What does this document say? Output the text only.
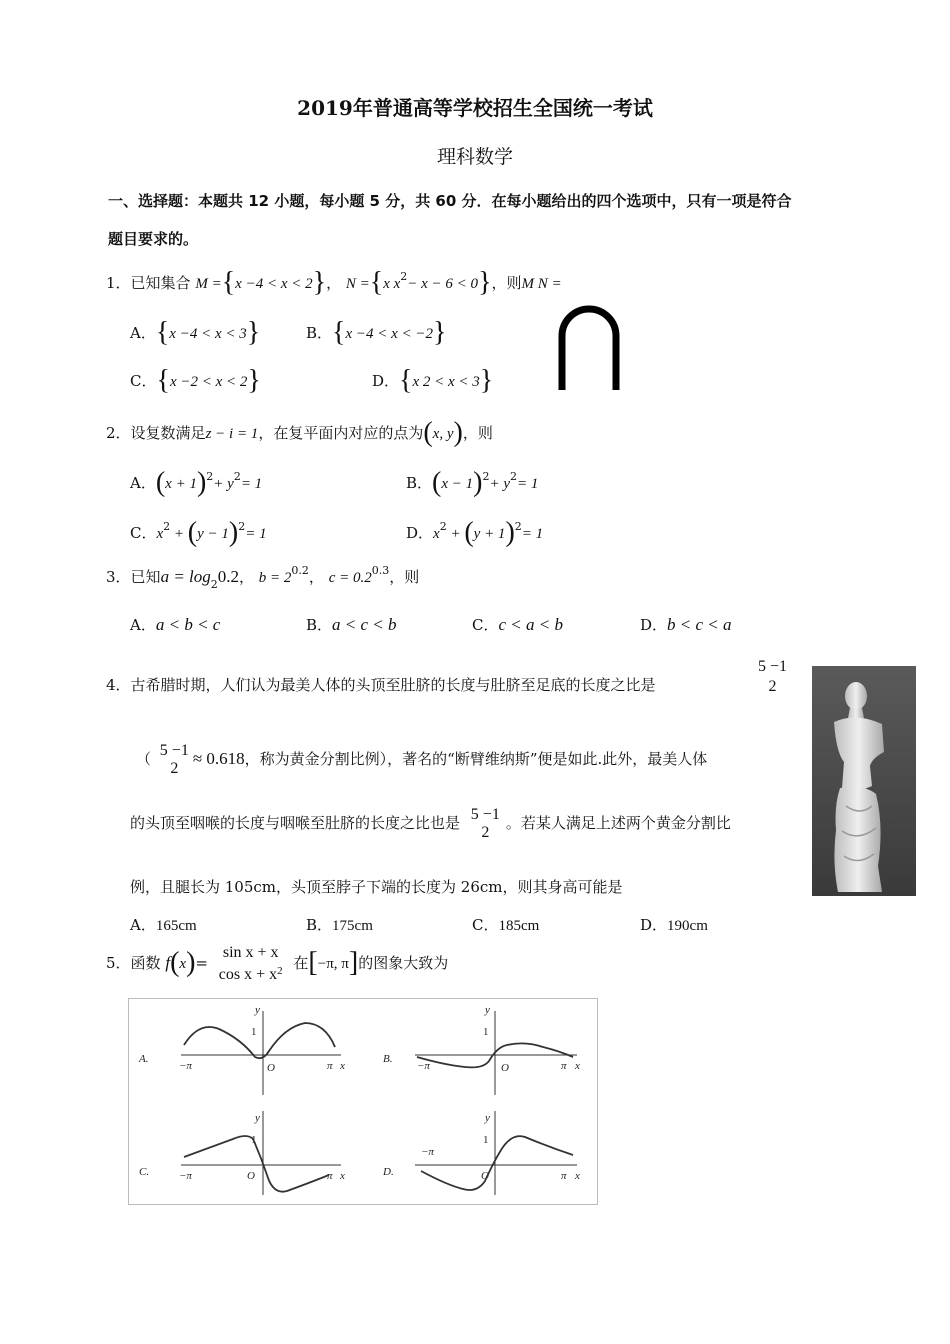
2019年普通高等学校招生全国统一考试
理科数学
一、选择题：本题共 12 小题，每小题 5 分，共 60 分．在每小题给出的四个选项中，只有一项是符合
题目要求的。
1．已知集合 M ={x −4 < x < 2}， N ={x $x^2- x - 6 < 0$}，则M N =
A．{x −4 < x < 3}	B．{x −4 < x < −2}
C．{x −2 < x < 2}	D．{x 2 < x < 3}
2．设复数满足z − i = 1，在复平面内对应的点为(x, y)，则
A．$(x + 1)^2+ y^2= 1$	B．$(x - 1)^2+ y^2= 1$
C．$x^2 + (y - 1)^2= 1$	D．$x^2 + (y + 1)^2= 1$
3．已知$a = \log_20.2$， $b = 2^{0.2}$， $c = 0.2^{0.3}$，则
A．a < b < c	B．a < c < b	C．c < a < b	D．b < c < a
4．古希腊时期，人们认为最美人体的头顶至肚脐的长度与肚脐至足底的长度之比是
5 −1
2
（ 5 −1
2
≈ 0.618，称为黄金分割比例），著名的“断臂维纳斯”便是如此.此外，最美人体
的头顶至咽喉的长度与咽喉至肚脐的长度之比也是 5 −1
2
。若某人满足上述两个黄金分割比
例，且腿长为 105cm，头顶至脖子下端的长度为 26cm，则其身高可能是
A．165cm	B．175cm	C．185cm	D．190cm
5．函数 f(x)=
sin x + x
$\cos x + x^2$ 在[−π, π]的图象大致为
A.
y
1
O
−π	π x
B.
y
1
O
−π	π x
C.
y
1
O
−π	π x	D.
y
1
O
−π
π x
